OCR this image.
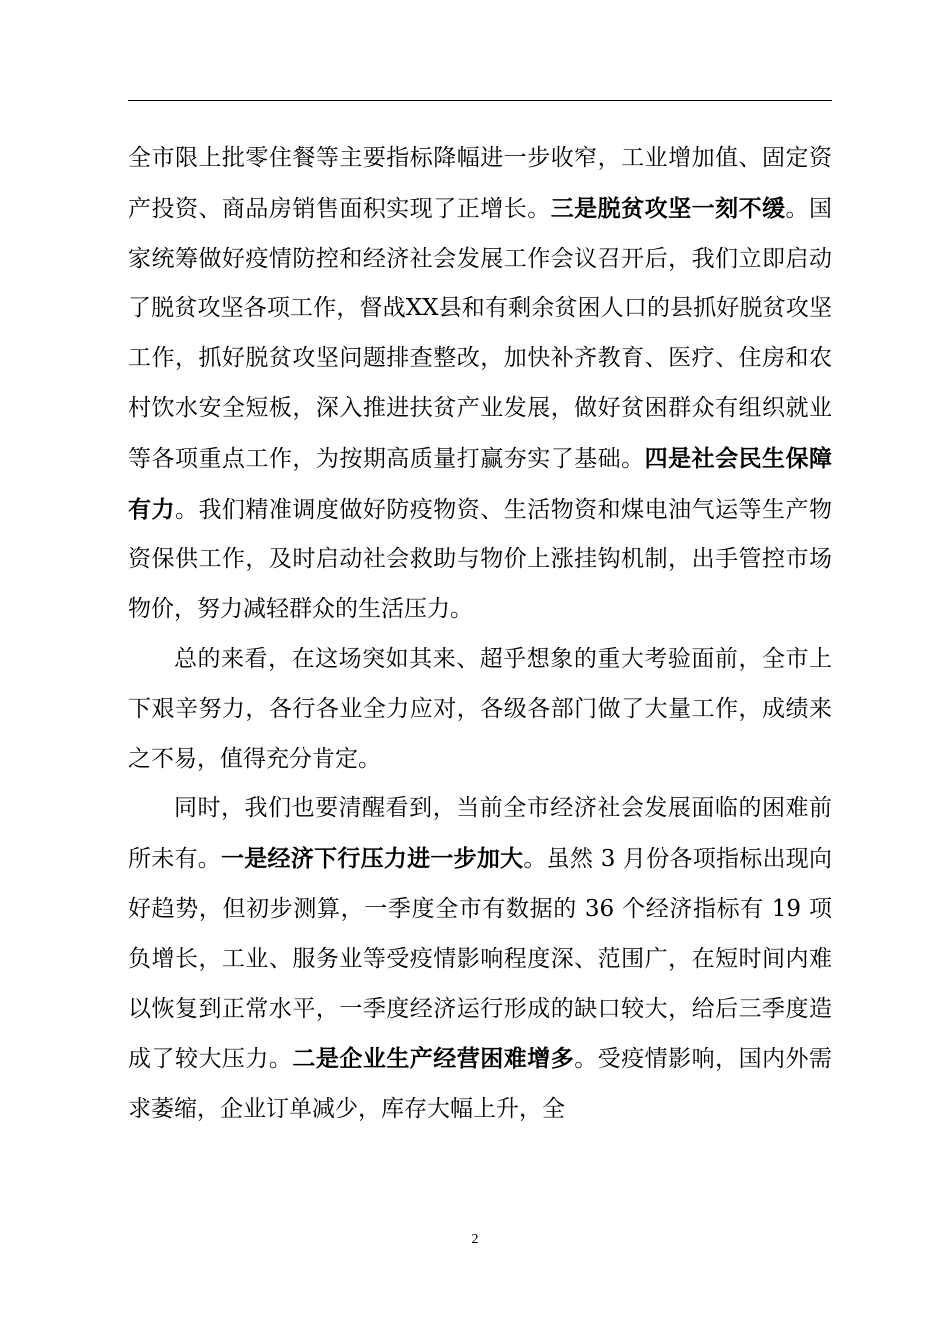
全市限上批零住餐等主要指标降幅进一步收窄，工业增加值、固定资产投资、商品房销售面积实现了正增长。三是脱贫攻坚一刻不缓。国家统筹做好疫情防控和经济社会发展工作会议召开后，我们立即启动了脱贫攻坚各项工作，督战XX县和有剩余贫困人口的县抓好脱贫攻坚工作，抓好脱贫攻坚问题排查整改，加快补齐教育、医疗、住房和农村饮水安全短板，深入推进扶贫产业发展，做好贫困群众有组织就业等各项重点工作，为按期高质量打赢夯实了基础。四是社会民生保障有力。我们精准调度做好防疫物资、生活物资和煤电油气运等生产物资保供工作，及时启动社会救助与物价上涨挂钩机制，出手管控市场物价，努力减轻群众的生活压力。

总的来看，在这场突如其来、超乎想象的重大考验面前，全市上下艰辛努力，各行各业全力应对，各级各部门做了大量工作，成绩来之不易，值得充分肯定。

同时，我们也要清醒看到，当前全市经济社会发展面临的困难前所未有。一是经济下行压力进一步加大。虽然 3 月份各项指标出现向好趋势，但初步测算，一季度全市有数据的 36 个经济指标有 19 项负增长，工业、服务业等受疫情影响程度深、范围广，在短时间内难以恢复到正常水平，一季度经济运行形成的缺口较大，给后三季度造成了较大压力。二是企业生产经营困难增多。受疫情影响，国内外需求萎缩，企业订单减少，库存大幅上升，全

2
